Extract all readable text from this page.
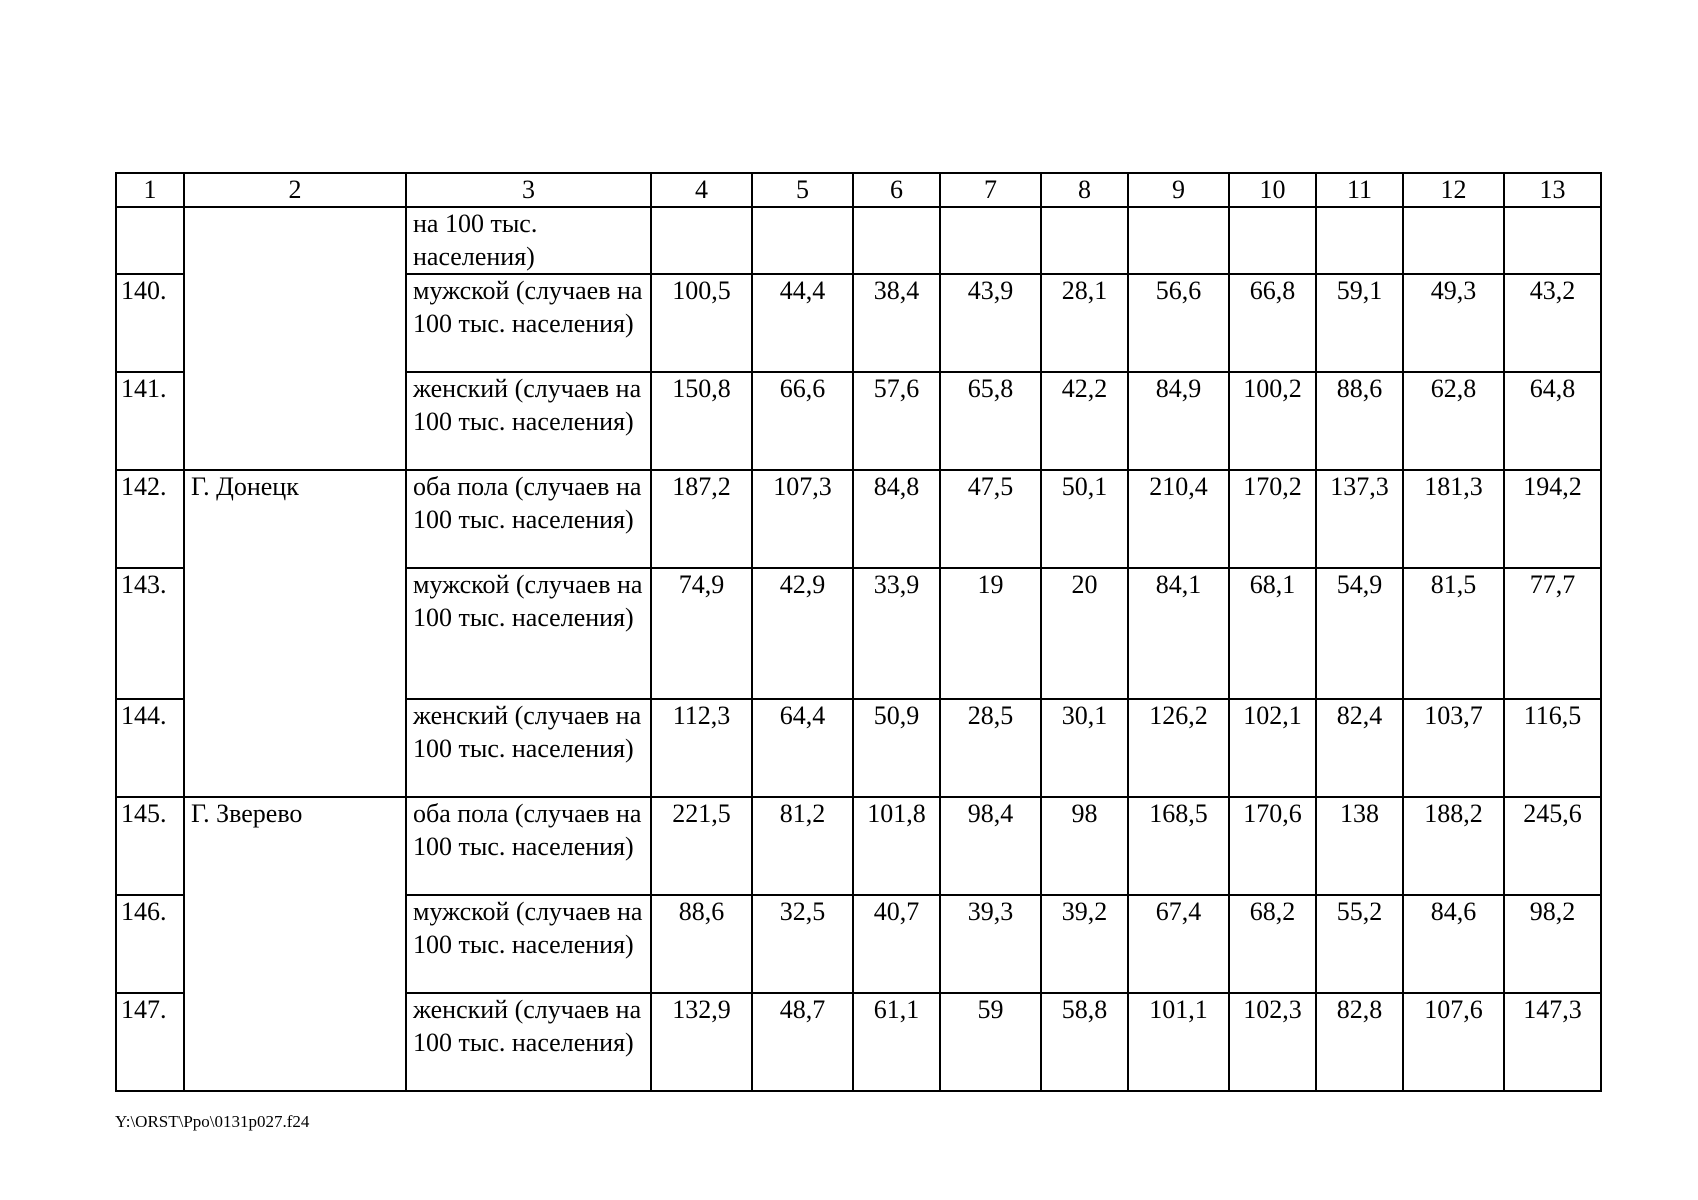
1	2	3	4	5	6	7	8	9	10	11	12	13
		на 100 тыс. населения)										
140.		мужской (случаев на 100 тыс. населения)	100,5	44,4	38,4	43,9	28,1	56,6	66,8	59,1	49,3	43,2
141.		женский (случаев на 100 тыс. населения)	150,8	66,6	57,6	65,8	42,2	84,9	100,2	88,6	62,8	64,8
142.	Г. Донецк	оба пола (случаев на 100 тыс. населения)	187,2	107,3	84,8	47,5	50,1	210,4	170,2	137,3	181,3	194,2
143.		мужской (случаев на 100 тыс. населения)	74,9	42,9	33,9	19	20	84,1	68,1	54,9	81,5	77,7
144.		женский (случаев на 100 тыс. населения)	112,3	64,4	50,9	28,5	30,1	126,2	102,1	82,4	103,7	116,5
145.	Г. Зверево	оба пола (случаев на 100 тыс. населения)	221,5	81,2	101,8	98,4	98	168,5	170,6	138	188,2	245,6
146.		мужской (случаев на 100 тыс. населения)	88,6	32,5	40,7	39,3	39,2	67,4	68,2	55,2	84,6	98,2
147.		женский (случаев на 100 тыс. населения)	132,9	48,7	61,1	59	58,8	101,1	102,3	82,8	107,6	147,3
Y:\ORST\Ppo\0131p027.f24
